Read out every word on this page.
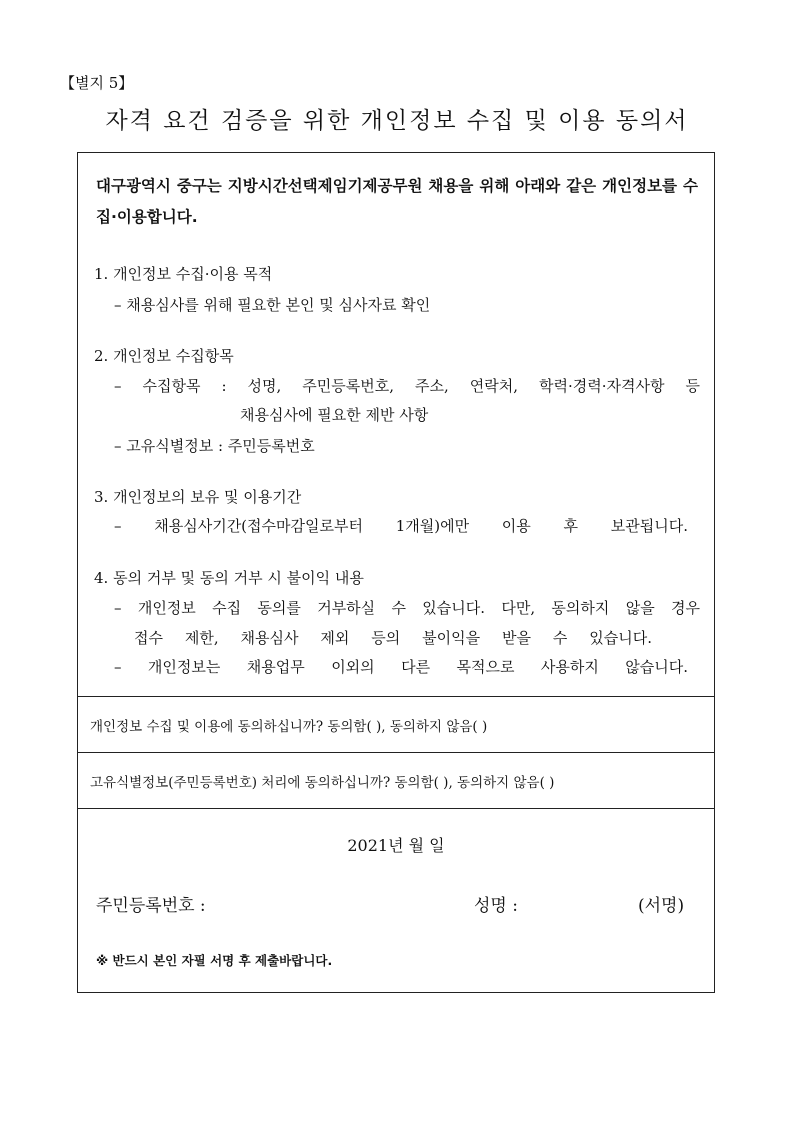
【별지 5】
자격 요건 검증을 위한 개인정보 수집 및 이용 동의서
대구광역시 중구는 지방시간선택제임기제공무원 채용을 위해 아래와 같은 개인정보를 수집·이용합니다.
1. 개인정보 수집·이용 목적
– 채용심사를 위해 필요한 본인 및 심사자료 확인
2. 개인정보 수집항목
– 수집항목 : 성명, 주민등록번호, 주소, 연락처, 학력·경력·자격사항 등
채용심사에 필요한 제반 사항
– 고유식별정보 : 주민등록번호
3. 개인정보의 보유 및 이용기간
– 채용심사기간(접수마감일로부터 1개월)에만 이용 후 보관됩니다.
4. 동의 거부 및 동의 거부 시 불이익 내용
– 개인정보 수집 동의를 거부하실 수 있습니다. 다만, 동의하지 않을 경우
접수 제한, 채용심사 제외 등의 불이익을 받을 수 있습니다.
– 개인정보는 채용업무 이외의 다른 목적으로 사용하지 않습니다.
개인정보 수집 및 이용에 동의하십니까? 동의함( ), 동의하지 않음( )
고유식별정보(주민등록번호) 처리에 동의하십니까? 동의함( ), 동의하지 않음( )
2021년 월 일
주민등록번호 :	성명 :	(서명)
※ 반드시 본인 자필 서명 후 제출바랍니다.
